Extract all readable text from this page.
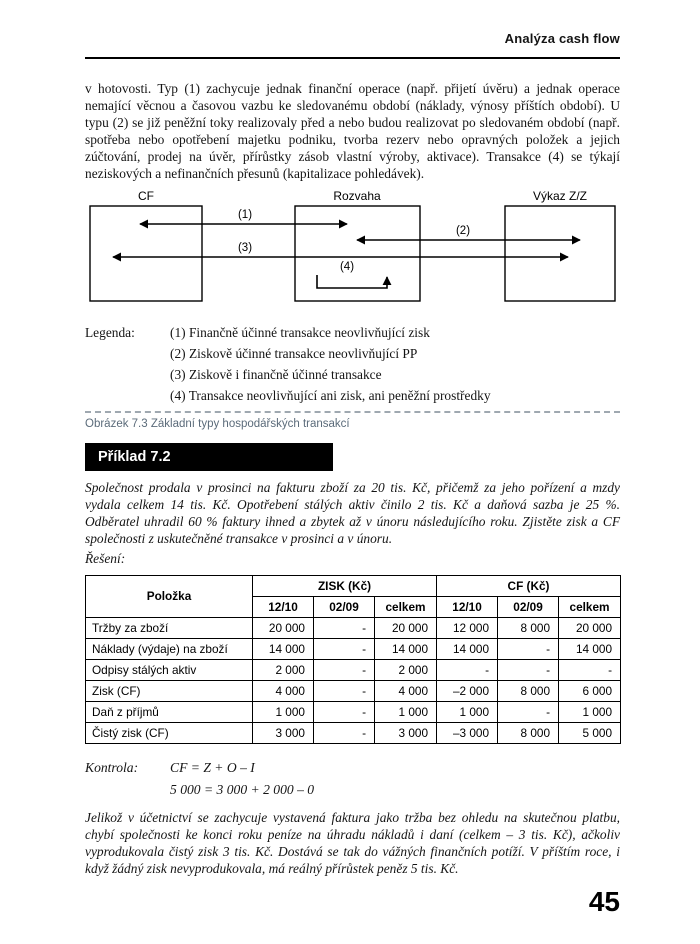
Analýza cash flow

v hotovosti. Typ (1) zachycuje jednak finanční operace (např. přijetí úvěru) a jednak operace nemající věcnou a časovou vazbu ke sledovanému období (náklady, výnosy příštích období). U typu (2) se již peněžní toky realizovaly před a nebo budou realizovat po sledovaném období (např. spotřeba nebo opotřebení majetku podniku, tvorba rezerv nebo opravných položek a jejich zúčtování, prodej na úvěr, přírůstky zásob vlastní výroby, aktivace). Transakce (4) se týkají neziskových a nefinančních přesunů (kapitalizace pohledávek).

CF	Rozvaha	Výkaz Z/Z
(1)
(2)
(3)
(4)
Legenda:	(1) Finančně účinné transakce neovlivňující zisk
(2) Ziskově účinné transakce neovlivňující PP
(3) Ziskově i finančně účinné transakce
(4) Transakce neovlivňující ani zisk, ani peněžní prostředky
Obrázek 7.3 Základní typy hospodářských transakcí
Příklad 7.2

Společnost prodala v prosinci na fakturu zboží za 20 tis. Kč, přičemž za jeho pořízení a mzdy vydala celkem 14 tis. Kč. Opotřebení stálých aktiv činilo 2 tis. Kč a daňová sazba je 25 %. Odběratel uhradil 60 % faktury ihned a zbytek až v únoru následujícího roku. Zjistěte zisk a CF společnosti z uskutečněné transakce v prosinci a v únoru.

Řešení:
Položka	ZISK (Kč)			CF (Kč)		
	12/10	02/09	celkem	12/10	02/09	celkem
Tržby za zboží	20 000	-	20 000	12 000	8 000	20 000
Náklady (výdaje) na zboží	14 000	-	14 000	14 000	-	14 000
Odpisy stálých aktiv	2 000	-	2 000	-	-	-
Zisk (CF)	4 000	-	4 000	–2 000	8 000	6 000
Daň z příjmů	1 000	-	1 000	1 000	-	1 000
Čistý zisk (CF)	3 000	-	3 000	–3 000	8 000	5 000
Kontrola:	CF = Z + O – I
5 000 = 3 000 + 2 000 – 0

Jelikož v účetnictví se zachycuje vystavená faktura jako tržba bez ohledu na skutečnou platbu, chybí společnosti ke konci roku peníze na úhradu nákladů i daní (celkem – 3 tis. Kč), ačkoliv vyprodukovala čistý zisk 3 tis. Kč. Dostává se tak do vážných finančních potíží. V příštím roce, i když žádný zisk nevyprodukovala, má reálný přírůstek peněz 5 tis. Kč.

45
